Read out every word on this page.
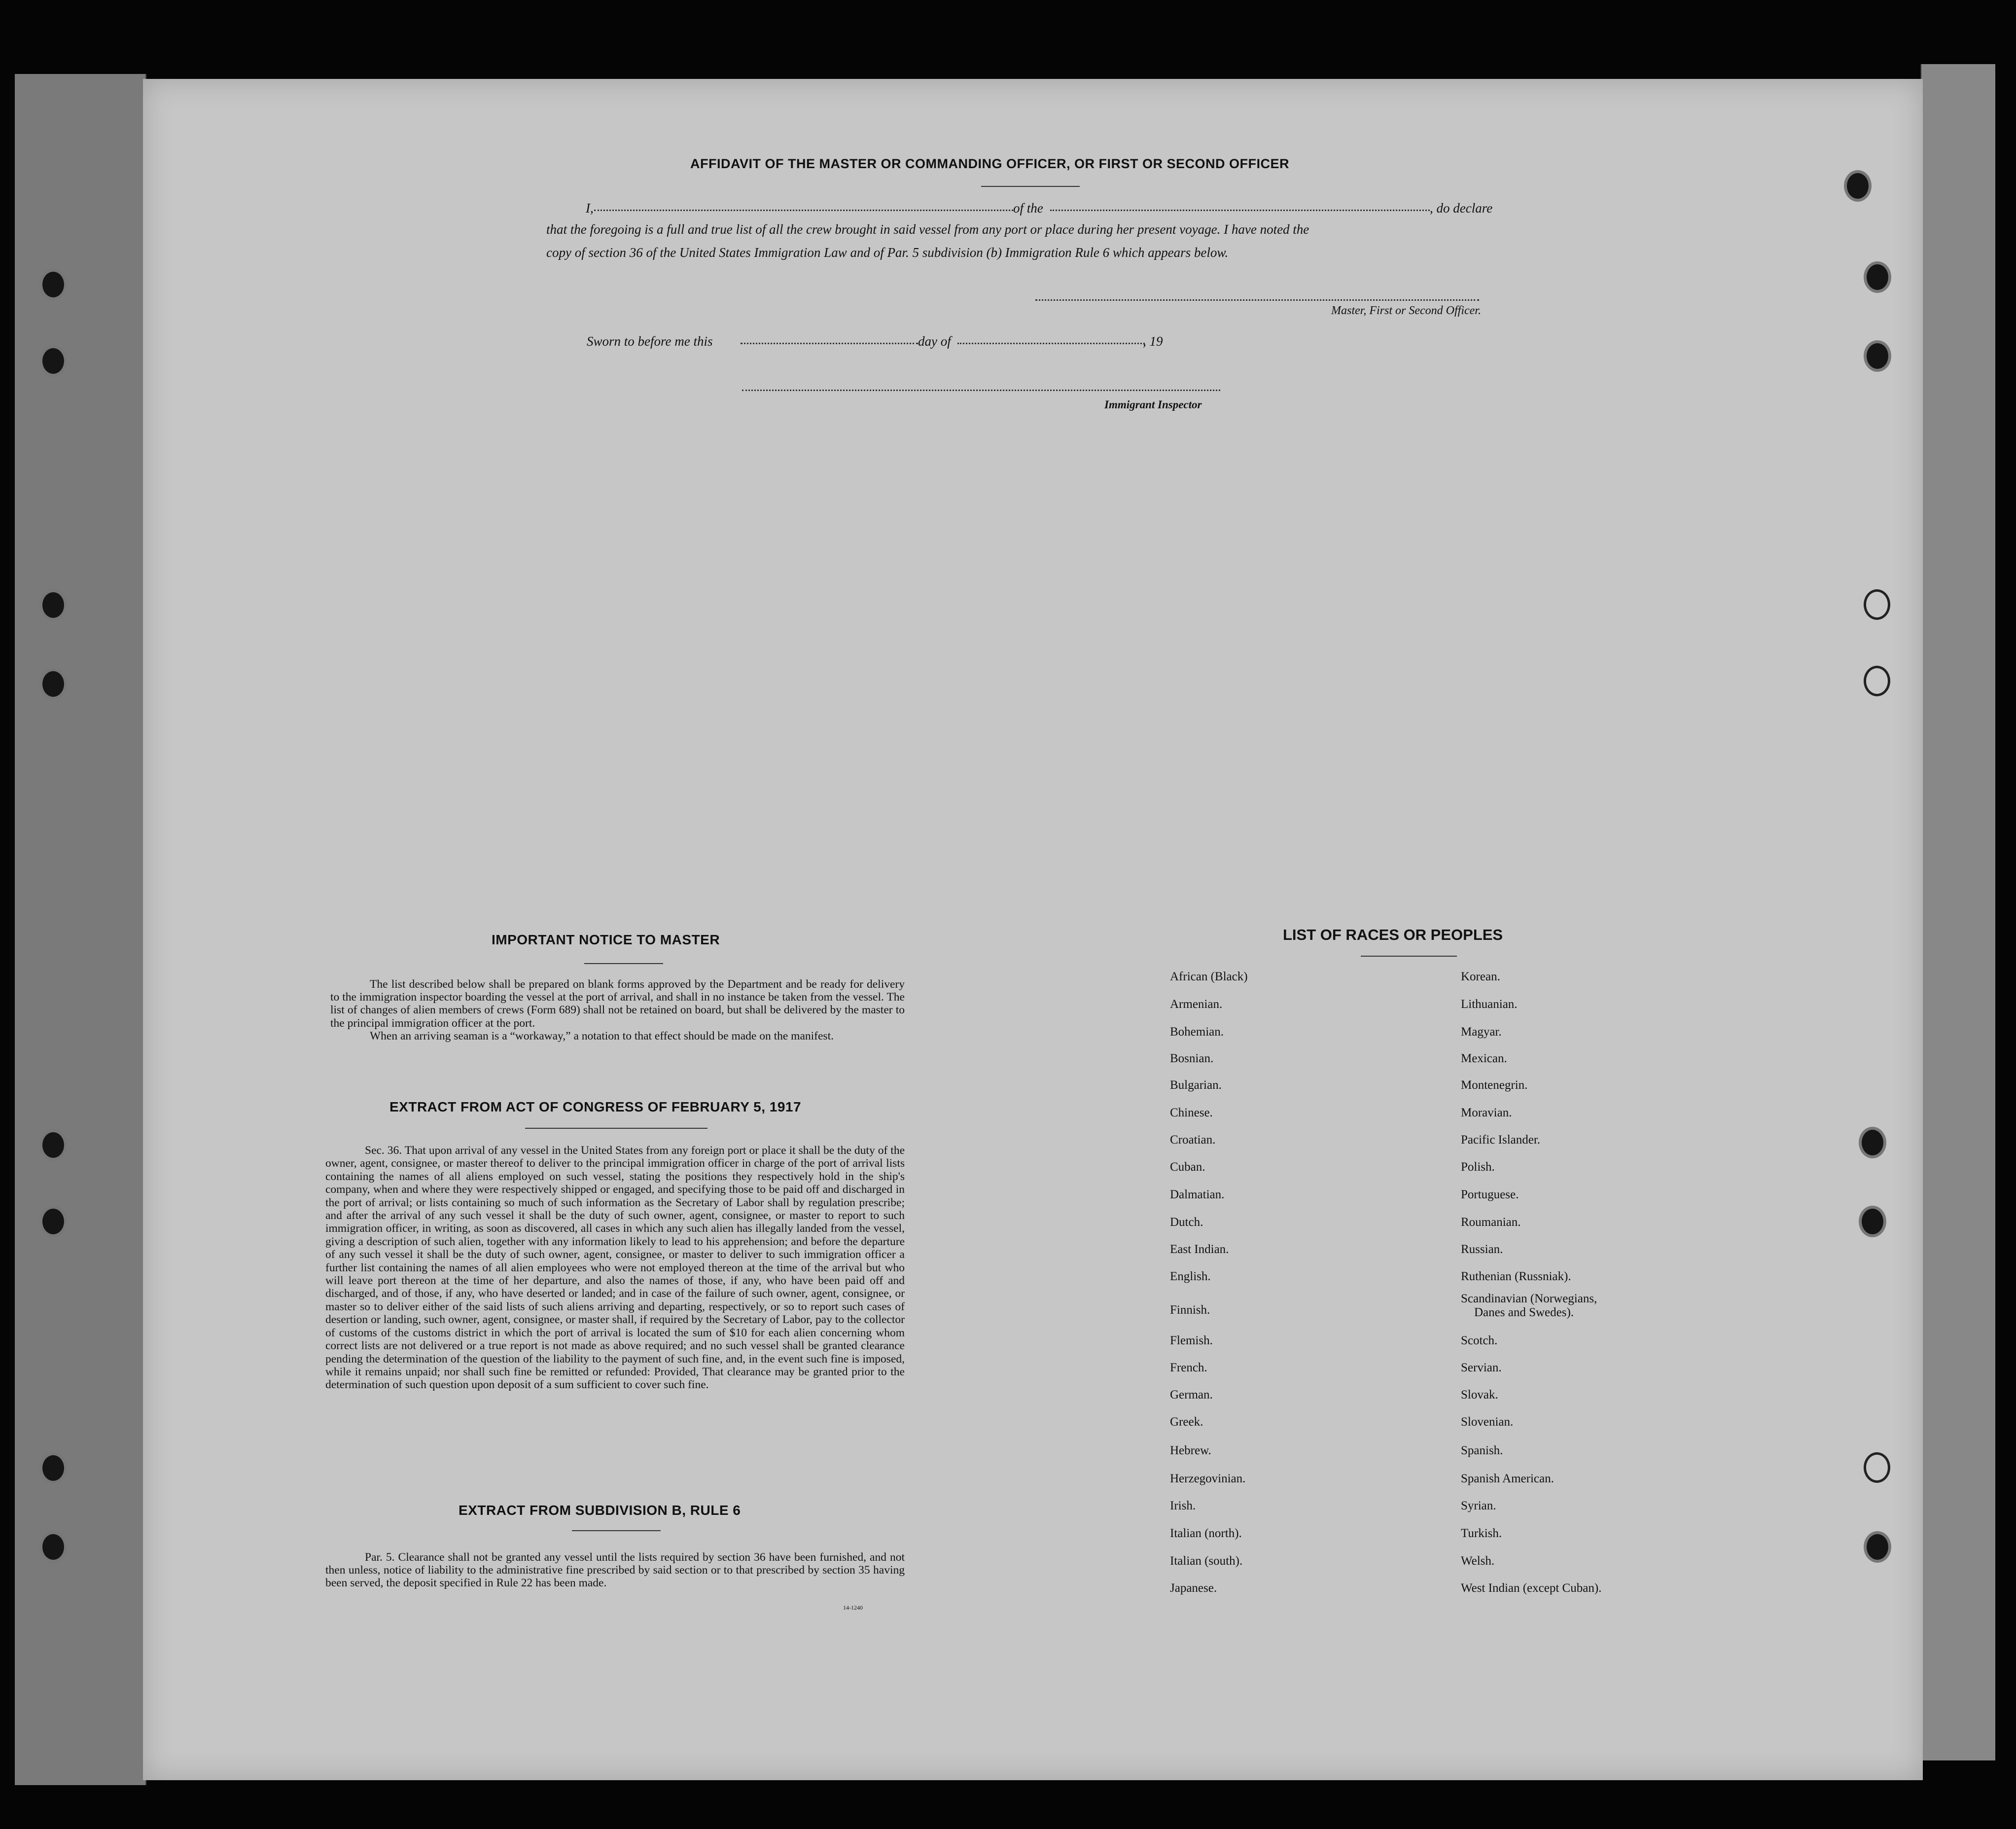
AFFIDAVIT OF THE MASTER OR COMMANDING OFFICER, OR FIRST OR SECOND OFFICER
I,	of the	, do declare
that the foregoing is a full and true list of all the crew brought in said vessel from any port or place during her present voyage. I have noted the
copy of section 36 of the United States Immigration Law and of Par. 5 subdivision (b) Immigration Rule 6 which appears below.
Master, First or Second Officer.
Sworn to before me this	day of	, 19
Immigrant Inspector
IMPORTANT NOTICE TO MASTER

The list described below shall be prepared on blank forms approved by the Department and be ready for delivery to the immigration inspector boarding the vessel at the port of arrival, and shall in no instance be taken from the vessel. The list of changes of alien members of crews (Form 689) shall not be retained on board, but shall be delivered by the master to the principal immigration officer at the port.

When an arriving seaman is a “workaway,” a notation to that effect should be made on the manifest.

EXTRACT FROM ACT OF CONGRESS OF FEBRUARY 5, 1917

Sec. 36. That upon arrival of any vessel in the United States from any foreign port or place it shall be the duty of the owner, agent, consignee, or master thereof to deliver to the principal immigration officer in charge of the port of arrival lists containing the names of all aliens employed on such vessel, stating the positions they respectively hold in the ship's company, when and where they were respectively shipped or engaged, and specifying those to be paid off and discharged in the port of arrival; or lists containing so much of such information as the Secretary of Labor shall by regulation prescribe; and after the arrival of any such vessel it shall be the duty of such owner, agent, consignee, or master to report to such immigration officer, in writing, as soon as discovered, all cases in which any such alien has illegally landed from the vessel, giving a description of such alien, together with any information likely to lead to his apprehension; and before the departure of any such vessel it shall be the duty of such owner, agent, consignee, or master to deliver to such immigration officer a further list containing the names of all alien employees who were not employed thereon at the time of the arrival but who will leave port thereon at the time of her departure, and also the names of those, if any, who have been paid off and discharged, and of those, if any, who have deserted or landed; and in case of the failure of such owner, agent, consignee, or master so to deliver either of the said lists of such aliens arriving and departing, respectively, or so to report such cases of desertion or landing, such owner, agent, consignee, or master shall, if required by the Secretary of Labor, pay to the collector of customs of the customs district in which the port of arrival is located the sum of $10 for each alien concerning whom correct lists are not delivered or a true report is not made as above required; and no such vessel shall be granted clearance pending the determination of the question of the liability to the payment of such fine, and, in the event such fine is imposed, while it remains unpaid; nor shall such fine be remitted or refunded: Provided, That clearance may be granted prior to the determination of such question upon deposit of a sum sufficient to cover such fine.

EXTRACT FROM SUBDIVISION B, RULE 6

Par. 5. Clearance shall not be granted any vessel until the lists required by section 36 have been furnished, and not then unless, notice of liability to the administrative fine prescribed by said section or to that prescribed by section 35 having been served, the deposit specified in Rule 22 has been made.

14-1240
LIST OF RACES OR PEOPLES
African (Black)
Armenian.
Bohemian.
Bosnian.
Bulgarian.
Chinese.
Croatian.
Cuban.
Dalmatian.
Dutch.
East Indian.
English.
Finnish.
Flemish.
French.
German.
Greek.
Hebrew.
Herzegovinian.
Irish.
Italian (north).
Italian (south).
Japanese.
Korean.
Lithuanian.
Magyar.
Mexican.
Montenegrin.
Moravian.
Pacific Islander.
Polish.
Portuguese.
Roumanian.
Russian.
Ruthenian (Russniak).
Scandinavian (Norwegians,
Danes and Swedes).
Scotch.
Servian.
Slovak.
Slovenian.
Spanish.
Spanish American.
Syrian.
Turkish.
Welsh.
West Indian (except Cuban).
